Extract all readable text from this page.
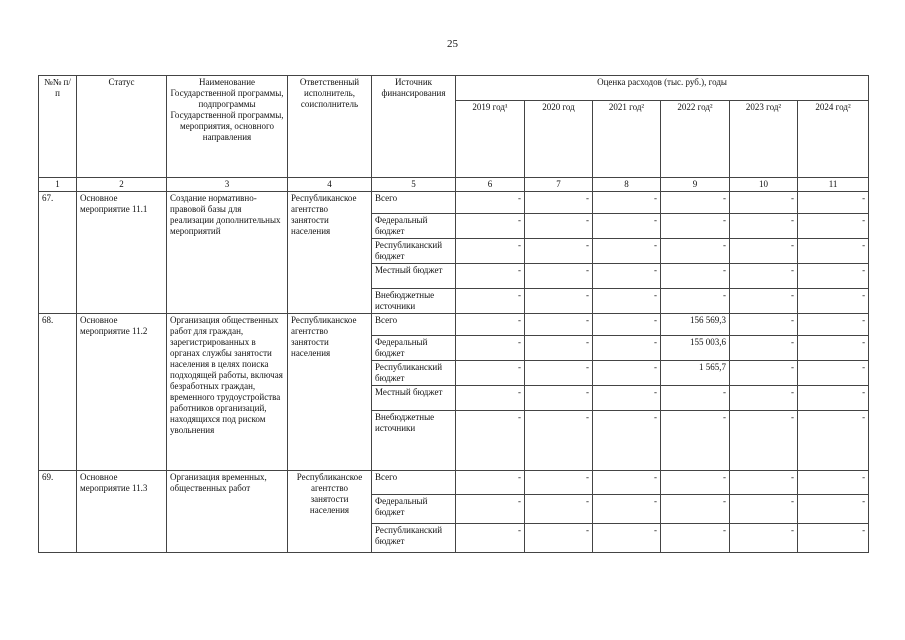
25
№№ п/п	Статус	Наименование Государственной программы, подпрограммы Государственной программы, мероприятия, основного направления	Ответственный исполнитель, соисполнитель	Источник финансирования	Оценка расходов (тыс. руб.), годы					
					2019 год¹	2020 год	2021 год²	2022 год²	2023 год²	2024 год²
1	2	3	4	5	6	7	8	9	10	11
67.	Основное мероприятие 11.1	Создание нормативно-правовой базы для реализации дополнительных мероприятий	Республиканское агентство занятости населения	Всего	-	-	-	-	-	-
				Федеральный бюджет	-	-	-	-	-	-
				Республиканский бюджет	-	-	-	-	-	-
				Местный бюджет	-	-	-	-	-	-
				Внебюджетные источники	-	-	-	-	-	-
68.	Основное мероприятие 11.2	Организация общественных работ для граждан, зарегистрированных в органах службы занятости населения в целях поиска подходящей работы, включая безработных граждан, временного трудоустройства работников организаций, находящихся под риском увольнения	Республиканское агентство занятости населения	Всего	-	-	-	156 569,3	-	-
				Федеральный бюджет	-	-	-	155 003,6	-	-
				Республиканский бюджет	-	-	-	1 565,7	-	-
				Местный бюджет	-	-	-	-	-	-
				Внебюджетные источники	-	-	-	-	-	-
69.	Основное мероприятие 11.3	Организация временных, общественных работ	Республиканское агентство занятости населения	Всего	-	-	-	-	-	-
				Федеральный бюджет	-	-	-	-	-	-
				Республиканский бюджет	-	-	-	-	-	-
